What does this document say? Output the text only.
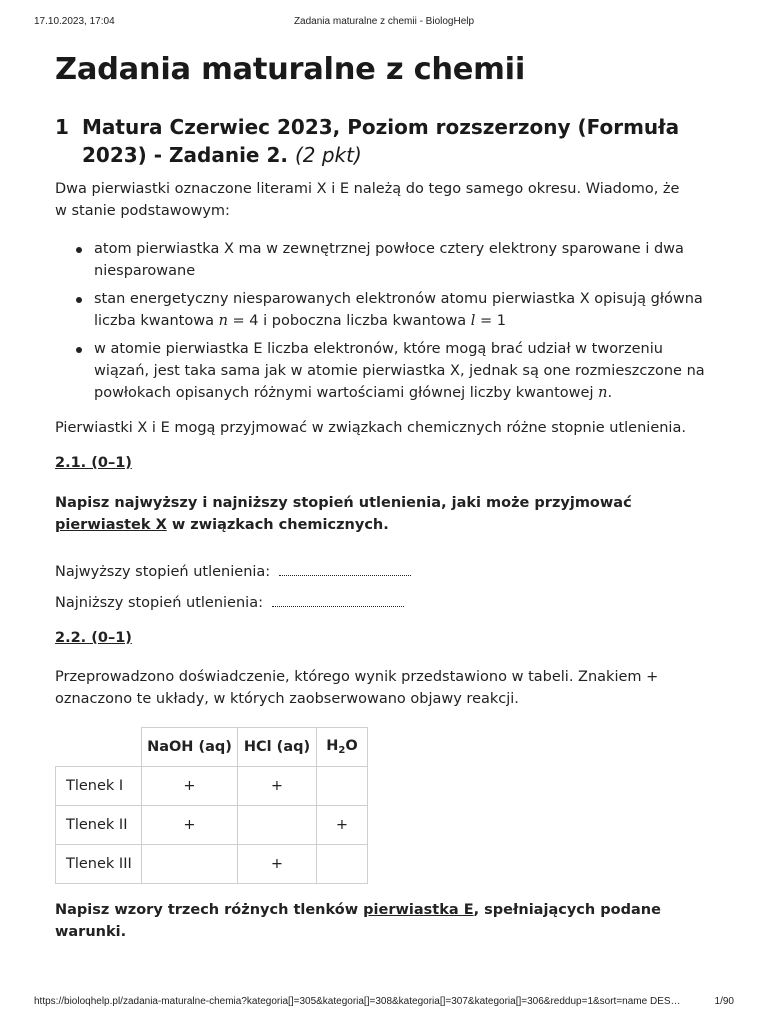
17.10.2023, 17:04	Zadania maturalne z chemii - BiologHelp
Zadania maturalne z chemii
1 Matura Czerwiec 2023, Poziom rozszerzony (Formuła 2023) - Zadanie 2. (2 pkt)

Dwa pierwiastki oznaczone literami X i E należą do tego samego okresu. Wiadomo, że w stanie podstawowym:

atom pierwiastka X ma w zewnętrznej powłoce cztery elektrony sparowane i dwa niesparowane
stan energetyczny niesparowanych elektronów atomu pierwiastka X opisują główna liczba kwantowa n = 4 i poboczna liczba kwantowa l = 1
w atomie pierwiastka E liczba elektronów, które mogą brać udział w tworzeniu wiązań, jest taka sama jak w atomie pierwiastka X, jednak są one rozmieszczone na powłokach opisanych różnymi wartościami głównej liczby kwantowej n.

Pierwiastki X i E mogą przyjmować w związkach chemicznych różne stopnie utlenienia.

2.1. (0–1)

Napisz najwyższy i najniższy stopień utlenienia, jaki może przyjmować pierwiastek X w związkach chemicznych.

Najwyższy stopień utlenienia:
Najniższy stopień utlenienia:
2.2. (0–1)

Przeprowadzono doświadczenie, którego wynik przedstawiono w tabeli. Znakiem + oznaczono te układy, w których zaobserwowano objawy reakcji.

	NaOH (aq)	HCl (aq)	$H_2O$
Tlenek I	+	+	
Tlenek II	+		+
Tlenek III		+	

Napisz wzory trzech różnych tlenków pierwiastka E, spełniających podane warunki.

https://bioloqhelp.pl/zadania-maturalne-chemia?kategoria[]=305&kategoria[]=308&kategoria[]=307&kategoria[]=306&reddup=1&sort=name DES…	1/90
